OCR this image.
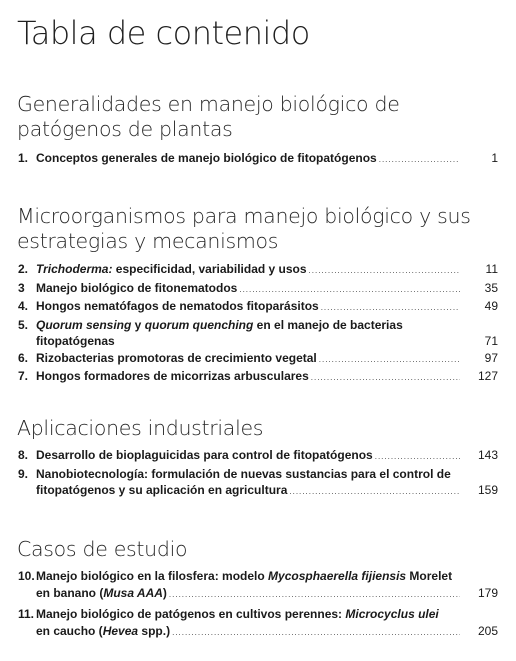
Tabla de contenido
Generalidades en manejo biológico de
patógenos de plantas
1. Conceptos generales de manejo biológico de fitopatógenos .....	1
Microorganismos para manejo biológico y sus
estrategias y mecanismos
2. Trichoderma: especificidad, variabilidad y usos .....	11
3 Manejo biológico de fitonematodos .....	35
4. Hongos nematófagos de nematodos fitoparásitos .....	49
5. Quorum sensing y quorum quenching en el manejo de bacterias
fitopatógenas	71
6. Rizobacterias promotoras de crecimiento vegetal .....	97
7. Hongos formadores de micorrizas arbusculares .....	127
Aplicaciones industriales
8. Desarrollo de bioplaguicidas para control de fitopatógenos .....	143
9. Nanobiotecnología: formulación de nuevas sustancias para el control de
fitopatógenos y su aplicación en agricultura .....	159
Casos de estudio
10. Manejo biológico en la filosfera: modelo Mycosphaerella fijiensis Morelet
en banano (Musa AAA) .....	179
11. Manejo biológico de patógenos en cultivos perennes: Microcyclus ulei
en caucho (Hevea spp.) .....	205
